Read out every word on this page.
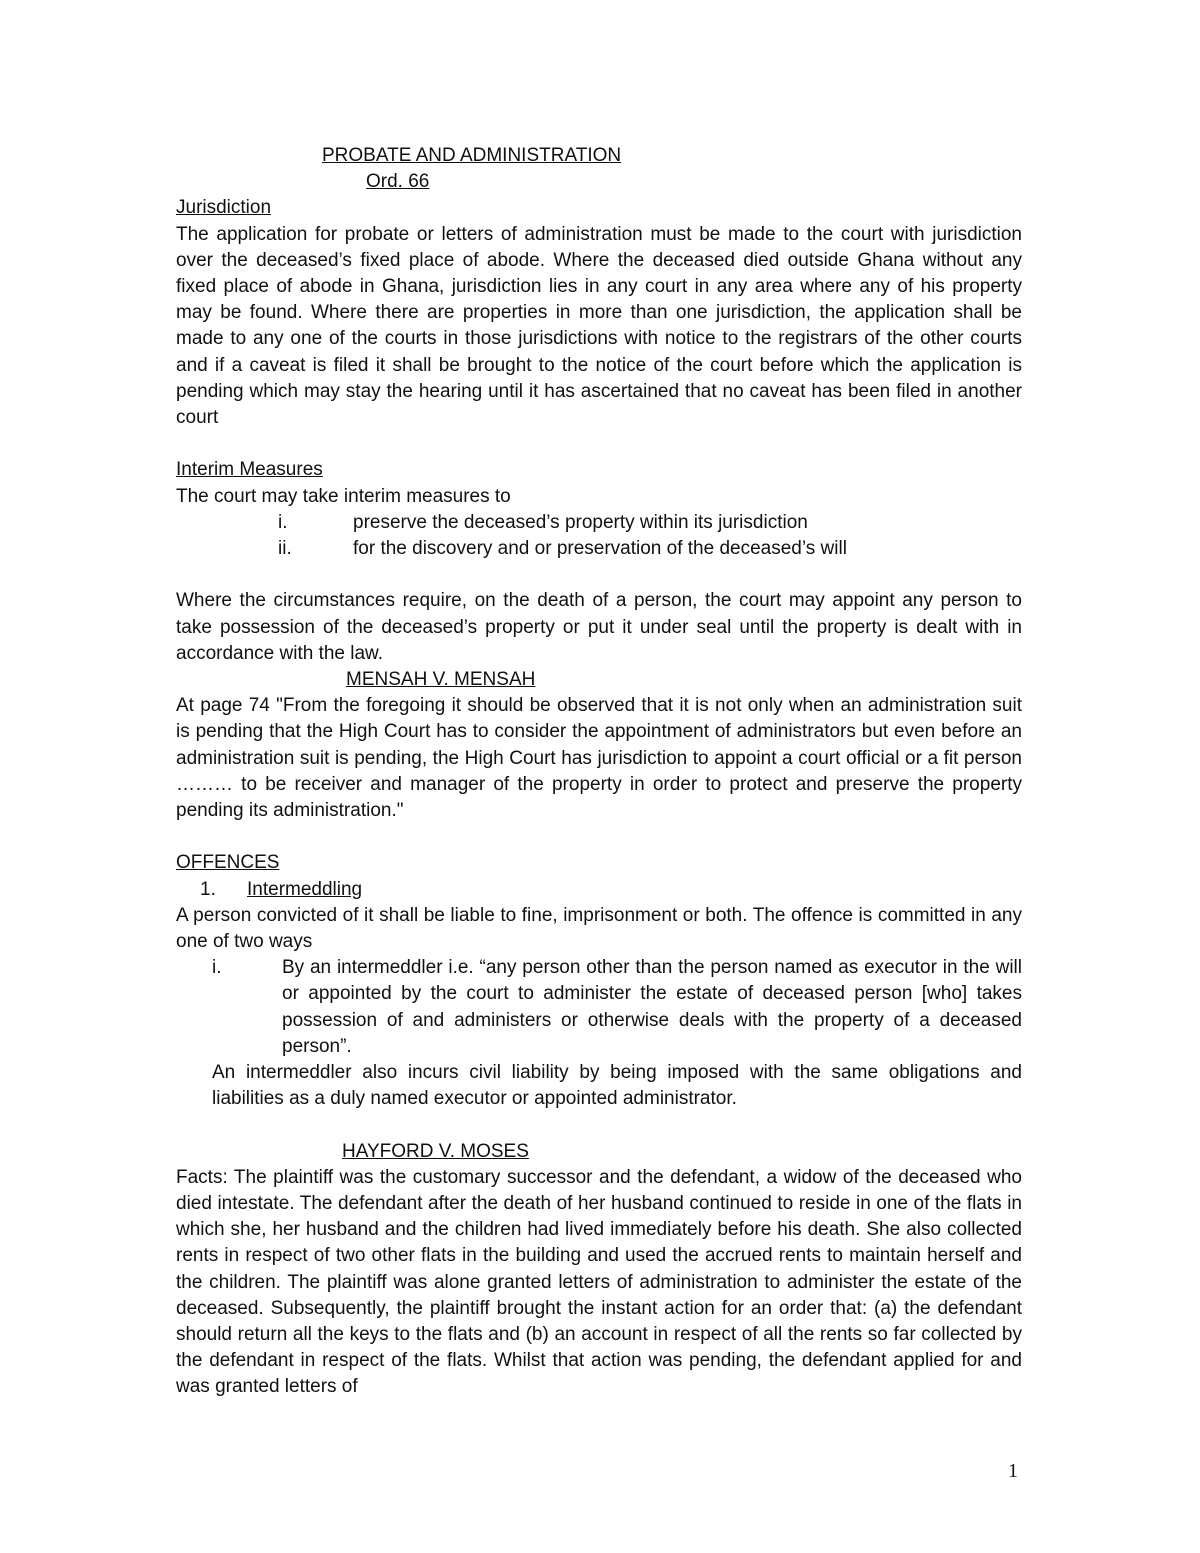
PROBATE AND ADMINISTRATION

Ord. 66

Jurisdiction

The application for probate or letters of administration must be made to the court with jurisdiction over the deceased’s fixed place of abode. Where the deceased died outside Ghana without any fixed place of abode in Ghana, jurisdiction lies in any court in any area where any of his property may be found. Where there are properties in more than one jurisdiction, the application shall be made to any one of the courts in those jurisdictions with notice to the registrars of the other courts and if a caveat is filed it shall be brought to the notice of the court before which the application is pending which may stay the hearing until it has ascertained that no caveat has been filed in another court

Interim Measures

The court may take interim measures to

i.	preserve the deceased’s property within its jurisdiction
ii.	for the discovery and or preservation of the deceased’s will

Where the circumstances require, on the death of a person, the court may appoint any person to take possession of the deceased’s property or put it under seal until the property is dealt with in accordance with the law.

MENSAH V. MENSAH

At page 74 "From the foregoing it should be observed that it is not only when an administration suit is pending that the High Court has to consider the appointment of administrators but even before an administration suit is pending, the High Court has jurisdiction to appoint a court official or a fit person ……… to be receiver and manager of the property in order to protect and preserve the property pending its administration."

OFFENCES

1.	Intermeddling

A person convicted of it shall be liable to fine, imprisonment or both. The offence is committed in any one of two ways

i.	By an intermeddler i.e. “any person other than the person named as executor in the will or appointed by the court to administer the estate of deceased person [who] takes possession of and administers or otherwise deals with the property of a deceased person”.

An intermeddler also incurs civil liability by being imposed with the same obligations and liabilities as a duly named executor or appointed administrator.

HAYFORD V. MOSES

Facts: The plaintiff was the customary successor and the defendant, a widow of the deceased who died intestate. The defendant after the death of her husband continued to reside in one of the flats in which she, her husband and the children had lived immediately before his death. She also collected rents in respect of two other flats in the building and used the accrued rents to maintain herself and the children. The plaintiff was alone granted letters of administration to administer the estate of the deceased. Subsequently, the plaintiff brought the instant action for an order that: (a) the defendant should return all the keys to the flats and (b) an account in respect of all the rents so far collected by the defendant in respect of the flats. Whilst that action was pending, the defendant applied for and was granted letters of

1
